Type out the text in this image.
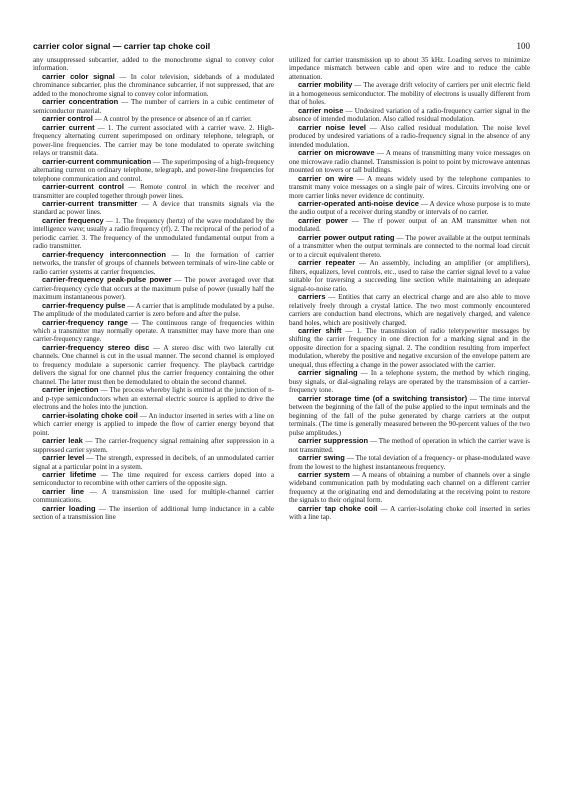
carrier color signal — carrier tap choke coil	100

any unsuppressed subcarrier, added to the monochrome signal to convey color information.

carrier color signal — In color television, sidebands of a modulated chrominance subcarrier, plus the chrominance subcarrier, if not suppressed, that are added to the monochrome signal to convey color information.

carrier concentration — The number of carriers in a cubic centimeter of semiconductor material.

carrier control — A control by the presence or absence of an rf carrier.

carrier current — 1. The current associated with a carrier wave. 2. High-frequency alternating current superimposed on ordinary telephone, telegraph, or power-line frequencies. The carrier may be tone modulated to operate switching relays or transmit data.

carrier-current communication — The superimposing of a high-frequency alternating current on ordinary telephone, telegraph, and power-line frequencies for telephone communication and control.

carrier-current control — Remote control in which the receiver and transmitter are coupled together through power lines.

carrier-current transmitter — A device that transmits signals via the standard ac power lines.

carrier frequency — 1. The frequency (hertz) of the wave modulated by the intelligence wave; usually a radio frequency (rf). 2. The reciprocal of the period of a periodic carrier. 3. The frequency of the unmodulated fundamental output from a radio transmitter.

carrier-frequency interconnection — In the formation of carrier networks, the transfer of groups of channels between terminals of wire-line cable or radio carrier systems at carrier frequencies.

carrier-frequency peak-pulse power — The power averaged over that carrier-frequency cycle that occurs at the maximum pulse of power (usually half the maximum instantaneous power).

carrier-frequency pulse — A carrier that is amplitude modulated by a pulse. The amplitude of the modulated carrier is zero before and after the pulse.

carrier-frequency range — The continuous range of frequencies within which a transmitter may normally operate. A transmitter may have more than one carrier-frequency range.

carrier-frequency stereo disc — A stereo disc with two laterally cut channels. One channel is cut in the usual manner. The second channel is employed to frequency modulate a supersonic carrier frequency. The playback cartridge delivers the signal for one channel plus the carrier frequency containing the other channel. The latter must then be demodulated to obtain the second channel.

carrier injection — The process whereby light is emitted at the junction of n- and p-type semiconductors when an external electric source is applied to drive the electrons and the holes into the junction.

carrier-isolating choke coil — An inductor inserted in series with a line on which carrier energy is applied to impede the flow of carrier energy beyond that point.

carrier leak — The carrier-frequency signal remaining after suppression in a suppressed carrier system.

carrier level — The strength, expressed in decibels, of an unmodulated carrier signal at a particular point in a system.

carrier lifetime — The time required for excess carriers doped into a semiconductor to recombine with other carriers of the opposite sign.

carrier line — A transmission line used for multiple-channel carrier communications.

carrier loading — The insertion of additional lump inductance in a cable section of a transmission line

utilized for carrier transmission up to about 35 kHz. Loading serves to minimize impedance mismatch between cable and open wire and to reduce the cable attenuation.

carrier mobility — The average drift velocity of carriers per unit electric field in a homogeneous semiconductor. The mobility of electrons is usually different from that of holes.

carrier noise — Undesired variation of a radio-frequency carrier signal in the absence of intended modulation. Also called residual modulation.

carrier noise level — Also called residual modulation. The noise level produced by undesired variations of a radio-frequency signal in the absence of any intended modulation.

carrier on microwave — A means of transmitting many voice messages on one microwave radio channel. Transmission is point to point by microwave antennas mounted on towers or tall buildings.

carrier on wire — A means widely used by the telephone companies to transmit many voice messages on a single pair of wires. Circuits involving one or more carrier links never evidence dc continuity.

carrier-operated anti-noise device — A device whose purpose is to mute the audio output of a receiver during standby or intervals of no carrier.

carrier power — The rf power output of an AM transmitter when not modulated.

carrier power output rating — The power available at the output terminals of a transmitter when the output terminals are connected to the normal load circuit or to a circuit equivalent thereto.

carrier repeater — An assembly, including an amplifier (or amplifiers), filters, equalizers, level controls, etc., used to raise the carrier signal level to a value suitable for traversing a succeeding line section while maintaining an adequate signal-to-noise ratio.

carriers — Entities that carry an electrical charge and are also able to move relatively freely through a crystal lattice. The two most commonly encountered carriers are conduction band electrons, which are negatively charged, and valence band holes, which are positively charged.

carrier shift — 1. The transmission of radio teletypewriter messages by shifting the carrier frequency in one direction for a marking signal and in the opposite direction for a spacing signal. 2. The condition resulting from imperfect modulation, whereby the positive and negative excursion of the envelope pattern are unequal, thus effecting a change in the power associated with the carrier.

carrier signaling — In a telephone system, the method by which ringing, busy signals, or dial-signaling relays are operated by the transmission of a carrier-frequency tone.

carrier storage time (of a switching transistor) — The time interval between the beginning of the fall of the pulse applied to the input terminals and the beginning of the fall of the pulse generated by charge carriers at the output terminals. (The time is generally measured between the 90-percent values of the two pulse amplitudes.)

carrier suppression — The method of operation in which the carrier wave is not transmitted.

carrier swing — The total deviation of a frequency- or phase-modulated wave from the lowest to the highest instantaneous frequency.

carrier system — A means of obtaining a number of channels over a single wideband communication path by modulating each channel on a different carrier frequency at the originating end and demodulating at the receiving point to restore the signals to their original form.

carrier tap choke coil — A carrier-isolating choke coil inserted in series with a line tap.
